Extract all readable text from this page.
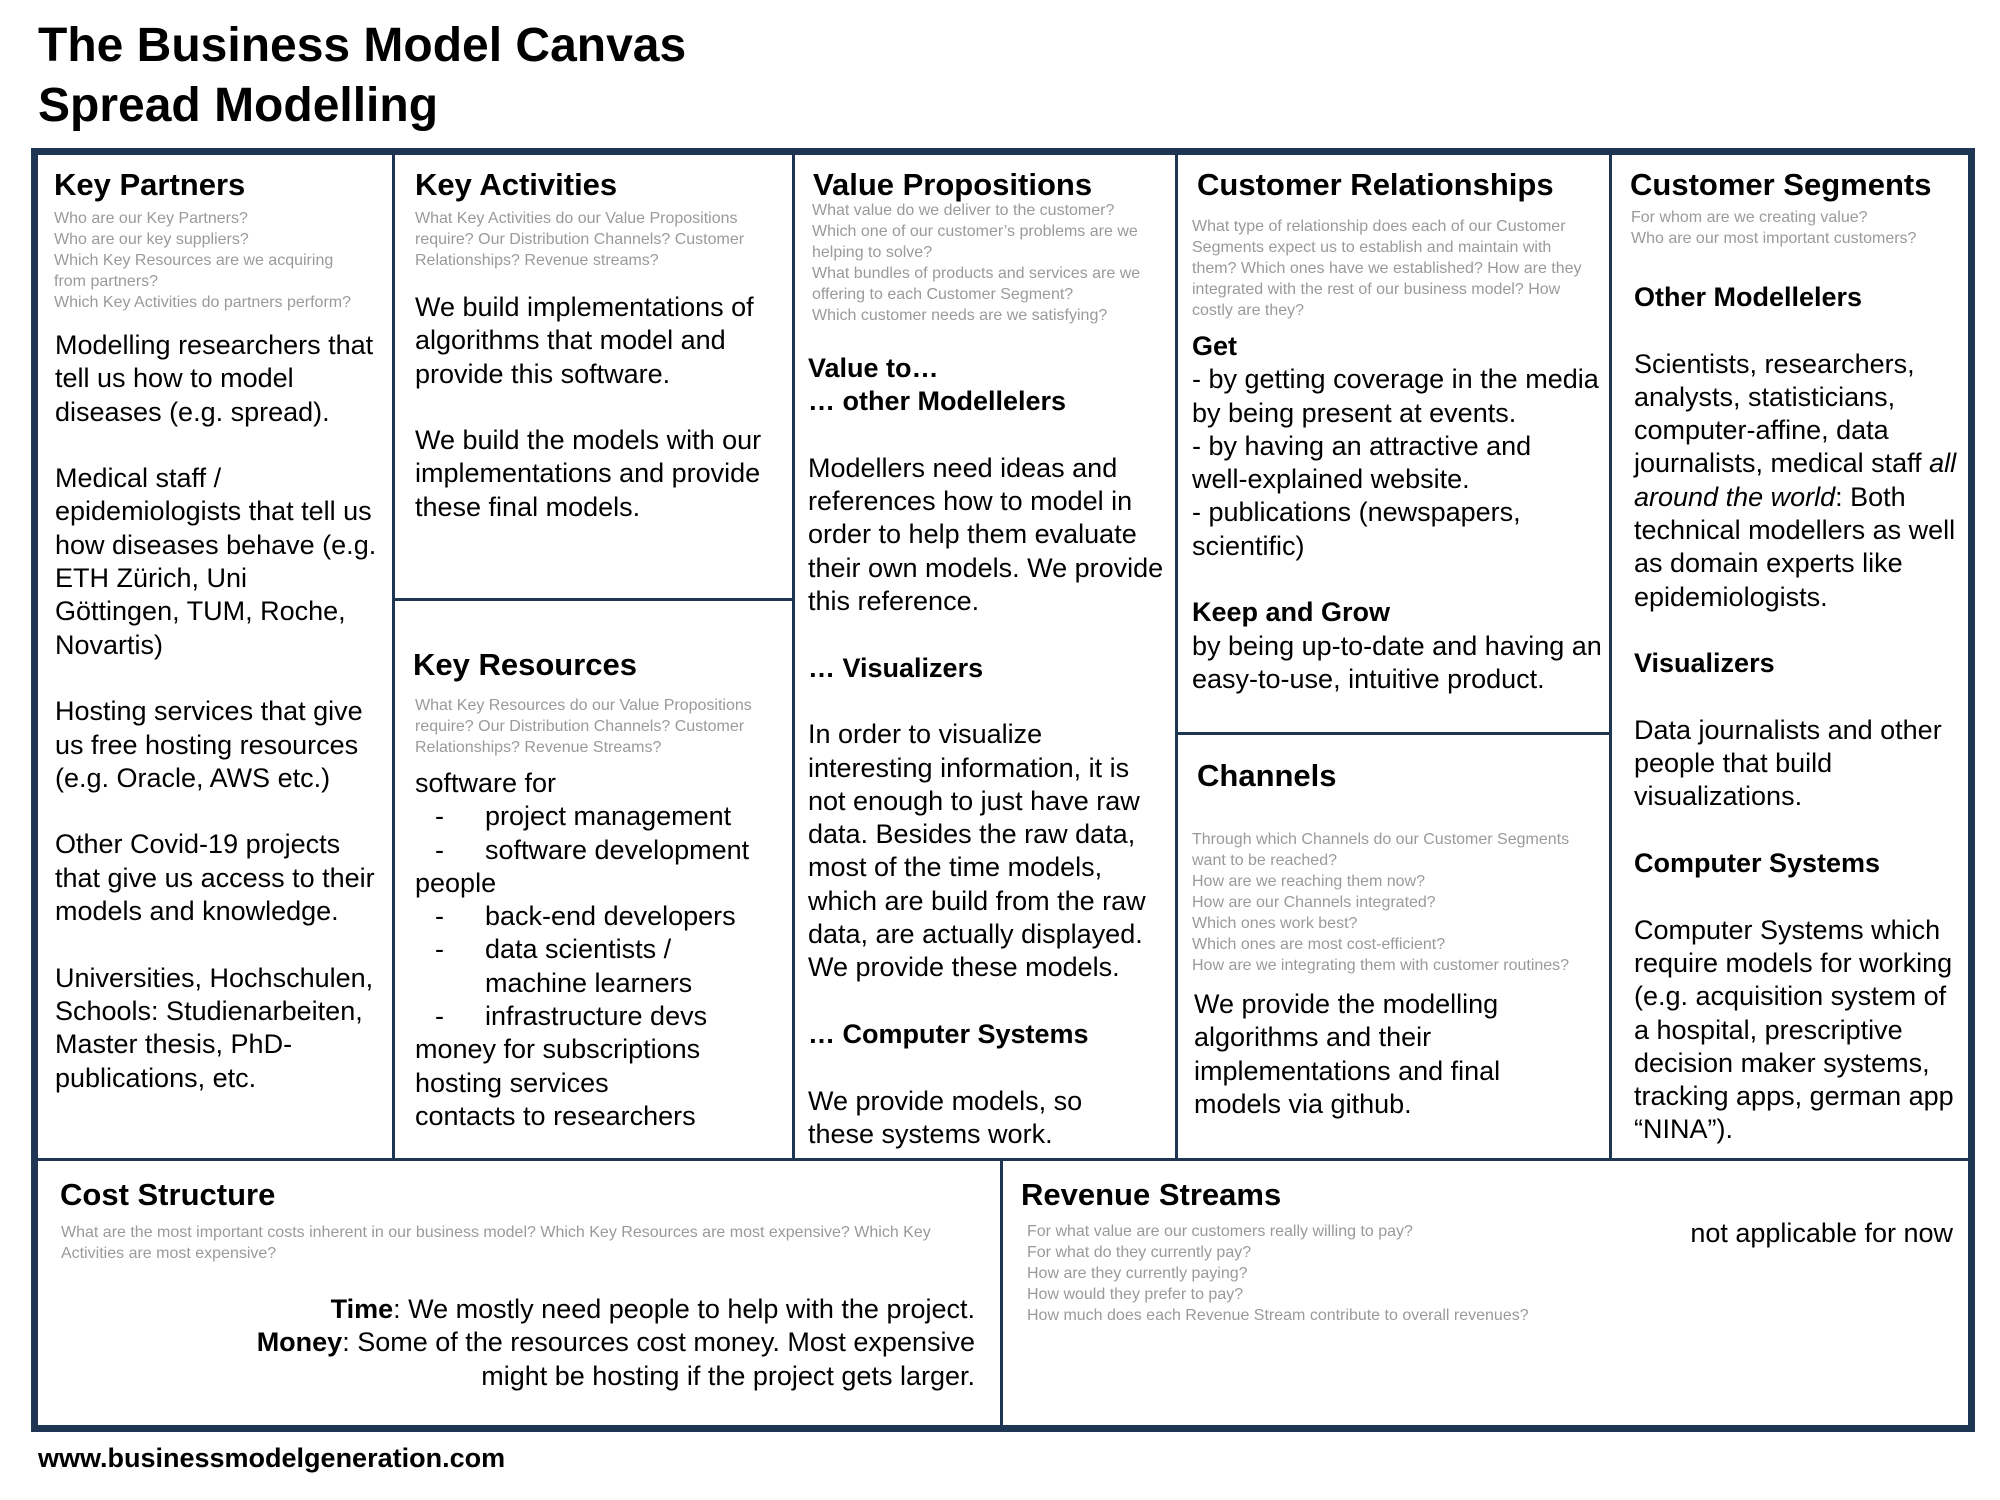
The Business Model Canvas
Spread Modelling
Key Partners
Who are our Key Partners?
Who are our key suppliers?
Which Key Resources are we acquiring
from partners?
Which Key Activities do partners perform?

Modelling researchers that tell us how to model diseases (e.g. spread).

Medical staff / epidemiologists that tell us how diseases behave (e.g. ETH Zürich, Uni Göttingen, TUM, Roche, Novartis)

Hosting services that give us free hosting resources (e.g. Oracle, AWS etc.)

Other Covid-19 projects that give us access to their models and knowledge.

Universities, Hochschulen, Schools: Studienarbeiten, Master thesis, PhD-publications, etc.

Key Activities
What Key Activities do our Value Propositions require? Our Distribution Channels? Customer Relationships? Revenue streams?

We build implementations of algorithms that model and provide this software.

We build the models with our implementations and provide these final models.

Key Resources
What Key Resources do our Value Propositions require? Our Distribution Channels? Customer Relationships? Revenue Streams?

software for

- project management

- software development

people

- back-end developers

-	data scientists / machine learners

- infrastructure devs

money for subscriptions

hosting services

contacts to researchers

Value Propositions
What value do we deliver to the customer?
Which one of our customer’s problems are we helping to solve?
What bundles of products and services are we offering to each Customer Segment?
Which customer needs are we satisfying?

Value to…

… other Modellelers

Modellers need ideas and references how to model in order to help them evaluate their own models. We provide this reference.

… Visualizers

In order to visualize interesting information, it is not enough to just have raw data. Besides the raw data, most of the time models, which are build from the raw data, are actually displayed. We provide these models.

… Computer Systems

We provide models, so these systems work.

Customer Relationships
What type of relationship does each of our Customer Segments expect us to establish and maintain with them? Which ones have we established? How are they integrated with the rest of our business model? How costly are they?

Get

- by getting coverage in the media by being present at events.

- by having an attractive and well-explained website.

- publications (newspapers, scientific)

Keep and Grow

by being up-to-date and having an easy-to-use, intuitive product.

Channels
Through which Channels do our Customer Segments want to be reached?
How are we reaching them now?
How are our Channels integrated?
Which ones work best?
Which ones are most cost-efficient?
How are we integrating them with customer routines?
We provide the modelling algorithms and their implementations and final models via github.
Customer Segments
For whom are we creating value?
Who are our most important customers?

Other Modellelers

Scientists, researchers, analysts, statisticians, computer-affine, data journalists, medical staff all around the world: Both technical modellers as well as domain experts like epidemiologists.

Visualizers

Data journalists and other people that build visualizations.

Computer Systems

Computer Systems which require models for working (e.g. acquisition system of a hospital, prescriptive decision maker systems, tracking apps, german app “NINA”).

Cost Structure
What are the most important costs inherent in our business model? Which Key Resources are most expensive? Which Key Activities are most expensive?

Time: We mostly need people to help with the project.

Money: Some of the resources cost money. Most expensive might be hosting if the project gets larger.

Revenue Streams
For what value are our customers really willing to pay?
For what do they currently pay?
How are they currently paying?
How would they prefer to pay?
How much does each Revenue Stream contribute to overall revenues?
not applicable for now
www.businessmodelgeneration.com
